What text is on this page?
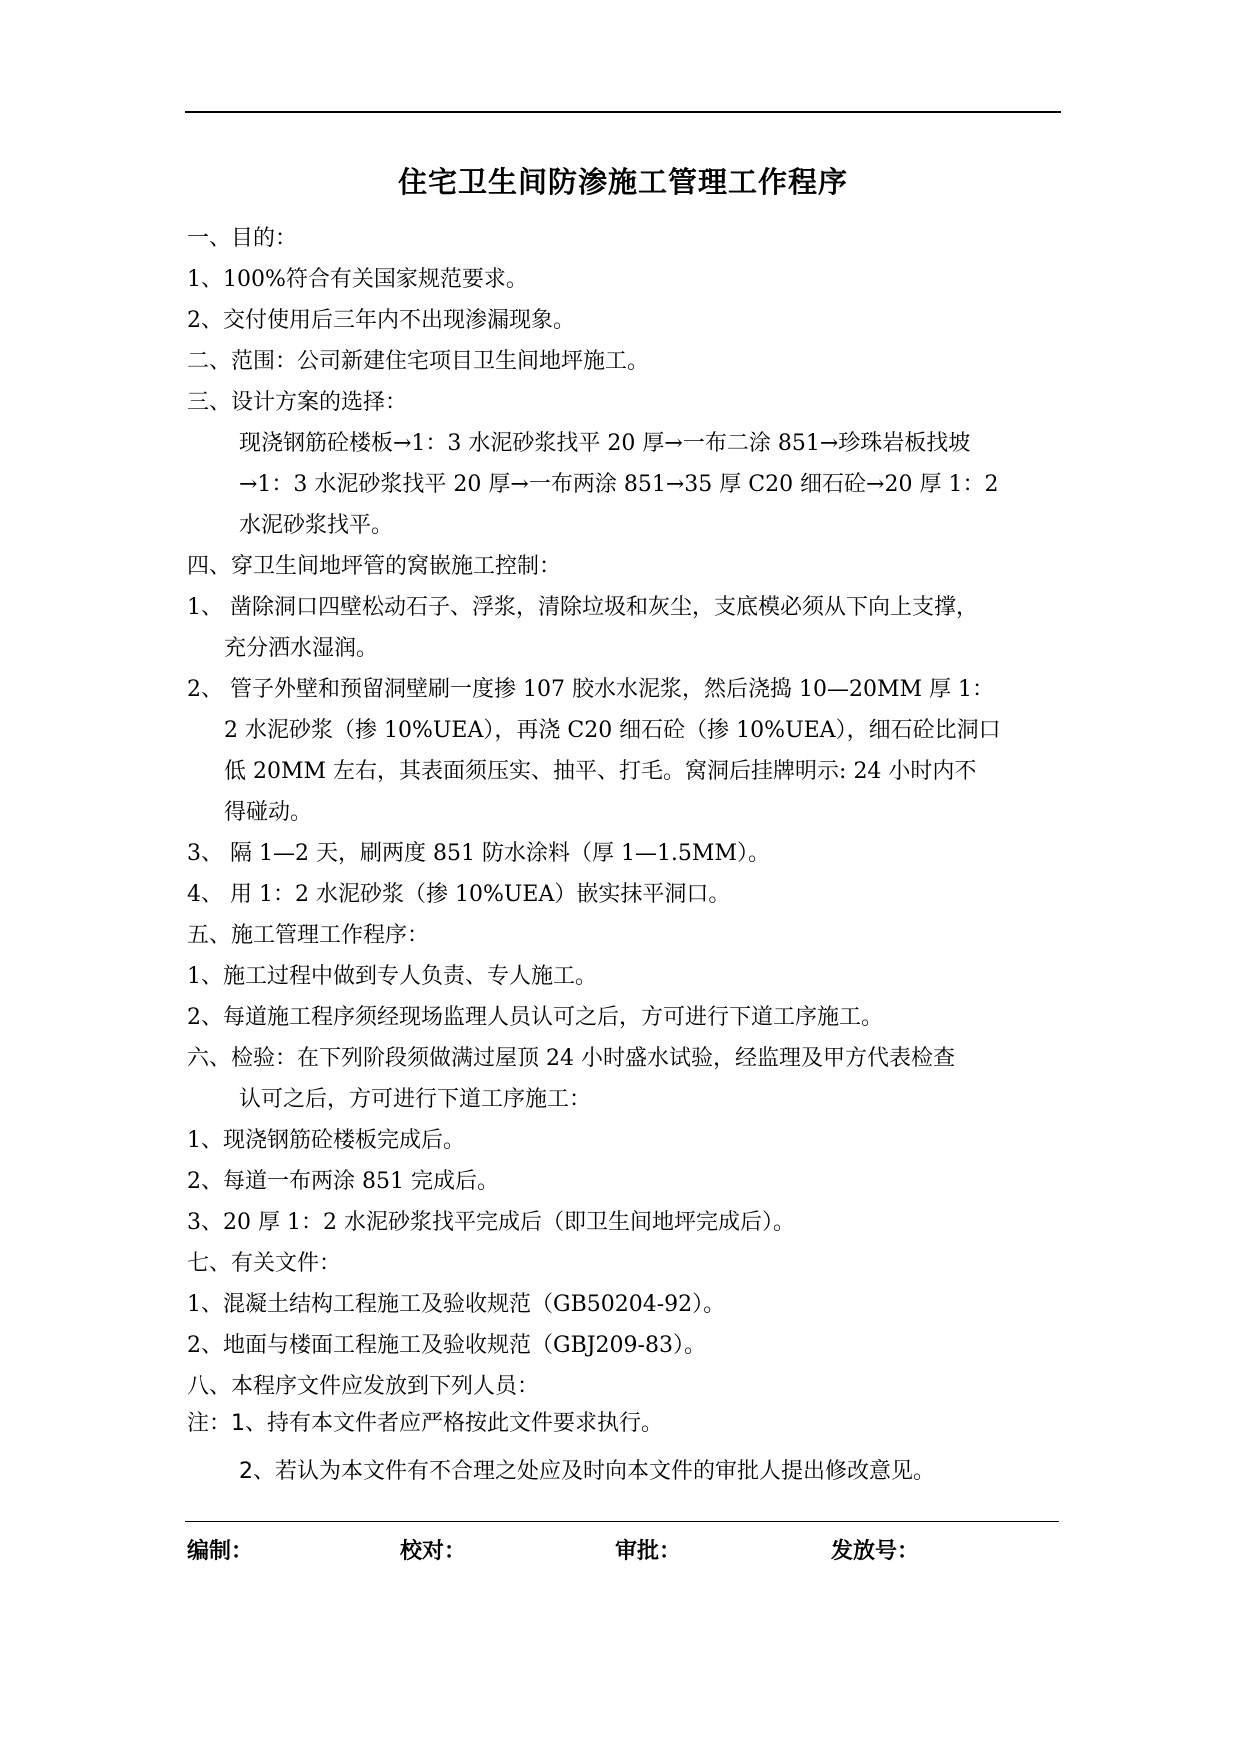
住宅卫生间防渗施工管理工作程序
一、目的：
1、100%符合有关国家规范要求。
2、交付使用后三年内不出现渗漏现象。
二、范围：公司新建住宅项目卫生间地坪施工。
三、设计方案的选择：
现浇钢筋砼楼板→1：3 水泥砂浆找平 20 厚→一布二涂 851→珍珠岩板找坡
→1：3 水泥砂浆找平 20 厚→一布两涂 851→35 厚 C20 细石砼→20 厚 1：2
水泥砂浆找平。
四、穿卫生间地坪管的窝嵌施工控制：
1、 凿除洞口四壁松动石子、浮浆，清除垃圾和灰尘，支底模必须从下向上支撑，
充分洒水湿润。
2、 管子外壁和预留洞壁刷一度掺 107 胶水水泥浆，然后浇捣 10—20MM 厚 1：
2 水泥砂浆（掺 10%UEA），再浇 C20 细石砼（掺 10%UEA），细石砼比洞口
低 20MM 左右，其表面须压实、抽平、打毛。窝洞后挂牌明示: 24 小时内不
得碰动。
3、 隔 1—2 天，刷两度 851 防水涂料（厚 1—1.5MM）。
4、 用 1：2 水泥砂浆（掺 10%UEA）嵌实抹平洞口。
五、施工管理工作程序：
1、施工过程中做到专人负责、专人施工。
2、每道施工程序须经现场监理人员认可之后，方可进行下道工序施工。
六、检验：在下列阶段须做满过屋顶 24 小时盛水试验，经监理及甲方代表检查
认可之后，方可进行下道工序施工：
1、现浇钢筋砼楼板完成后。
2、每道一布两涂 851 完成后。
3、20 厚 1：2 水泥砂浆找平完成后（即卫生间地坪完成后）。
七、有关文件：
1、混凝土结构工程施工及验收规范（GB50204-92）。
2、地面与楼面工程施工及验收规范（GBJ209-83）。
八、本程序文件应发放到下列人员：
注：1、持有本文件者应严格按此文件要求执行。
2、若认为本文件有不合理之处应及时向本文件的审批人提出修改意见。
编制：	校对：	审批：	发放号：
